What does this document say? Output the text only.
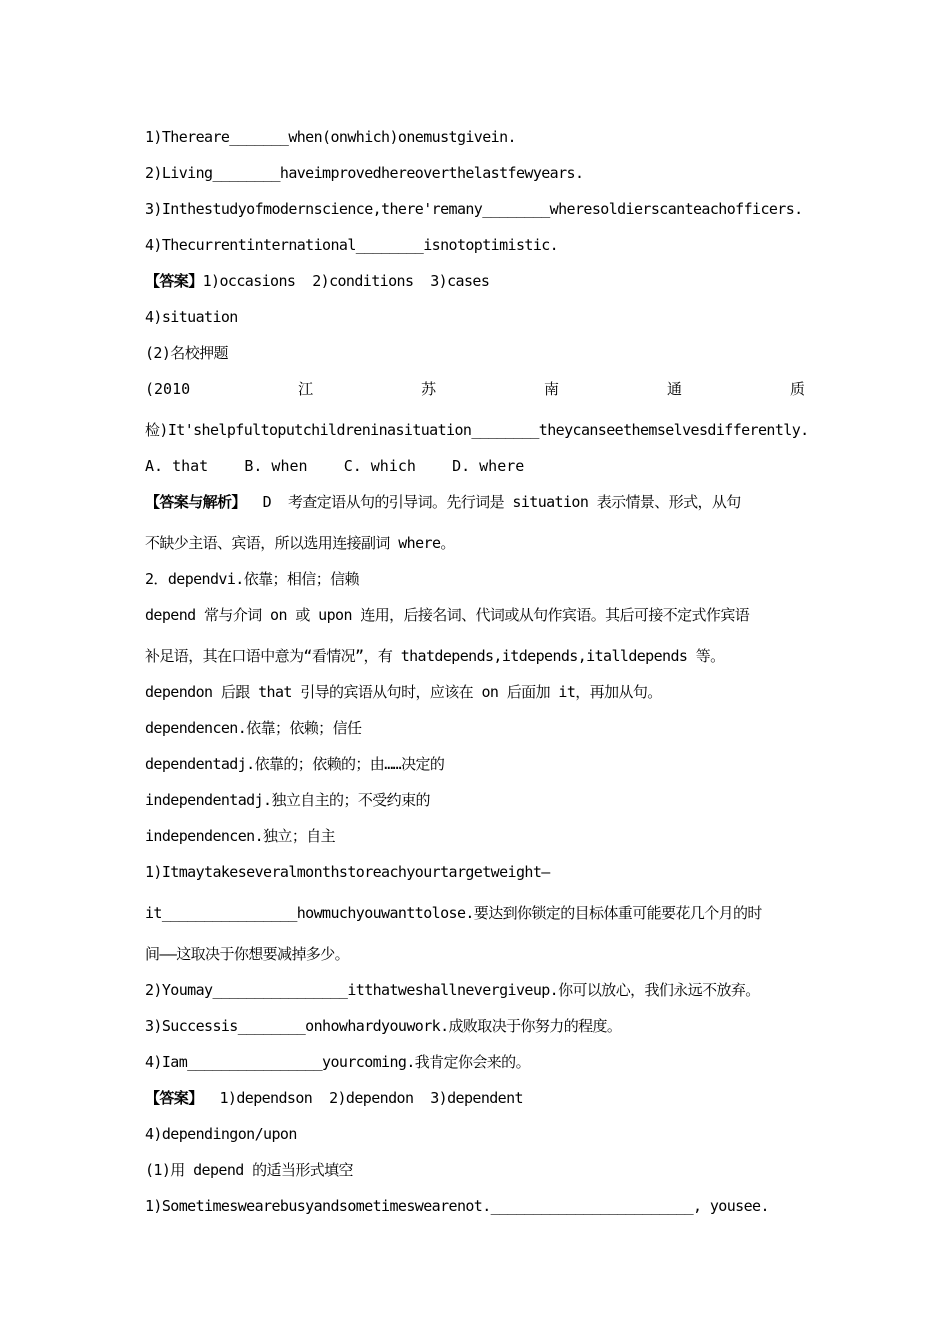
1)Thereare_______when(onwhich)onemustgivein.
2)Living________haveimprovedhereoverthelastfewyears.
3)Inthestudyofmodernscience,there'remany________wheresoldierscanteachofficers.
4)Thecurrentinternational________isnotoptimistic.
【答案】1)occasions  2)conditions  3)cases
4)situation
(2)名校押题
(2010	江	苏	南	通	质
检)It'shelpfultoputchildreninasituation________theycanseethemselvesdifferently.
A. that B. when C. which D. where
【答案与解析】  D  考查定语从句的引导词。先行词是 situation 表示情景、形式，从句
不缺少主语、宾语，所以选用连接副词 where。
2．dependvi.依靠；相信；信赖
depend 常与介词 on 或 upon 连用，后接名词、代词或从句作宾语。其后可接不定式作宾语
补足语，其在口语中意为“看情况”，有 thatdepends,itdepends,italldepends 等。
dependon 后跟 that 引导的宾语从句时，应该在 on 后面加 it，再加从句。
dependencen.依靠；依赖；信任
dependentadj.依靠的；依赖的；由……决定的
independentadj.独立自主的；不受约束的
independencen.独立；自主
1)Itmaytakeseveralmonthstoreachyourtargetweight—
it________________howmuchyouwanttolose.要达到你锁定的目标体重可能要花几个月的时
间——这取决于你想要减掉多少。
2)Youmay________________itthatweshallnevergiveup.你可以放心，我们永远不放弃。
3)Successis________onhowhardyouwork.成败取决于你努力的程度。
4)Iam________________yourcoming.我肯定你会来的。
【答案】  1)dependson  2)dependon  3)dependent
4)dependingon/upon
(1)用 depend 的适当形式填空
1)Sometimeswearebusyandsometimeswearenot.________________________, yousee.
